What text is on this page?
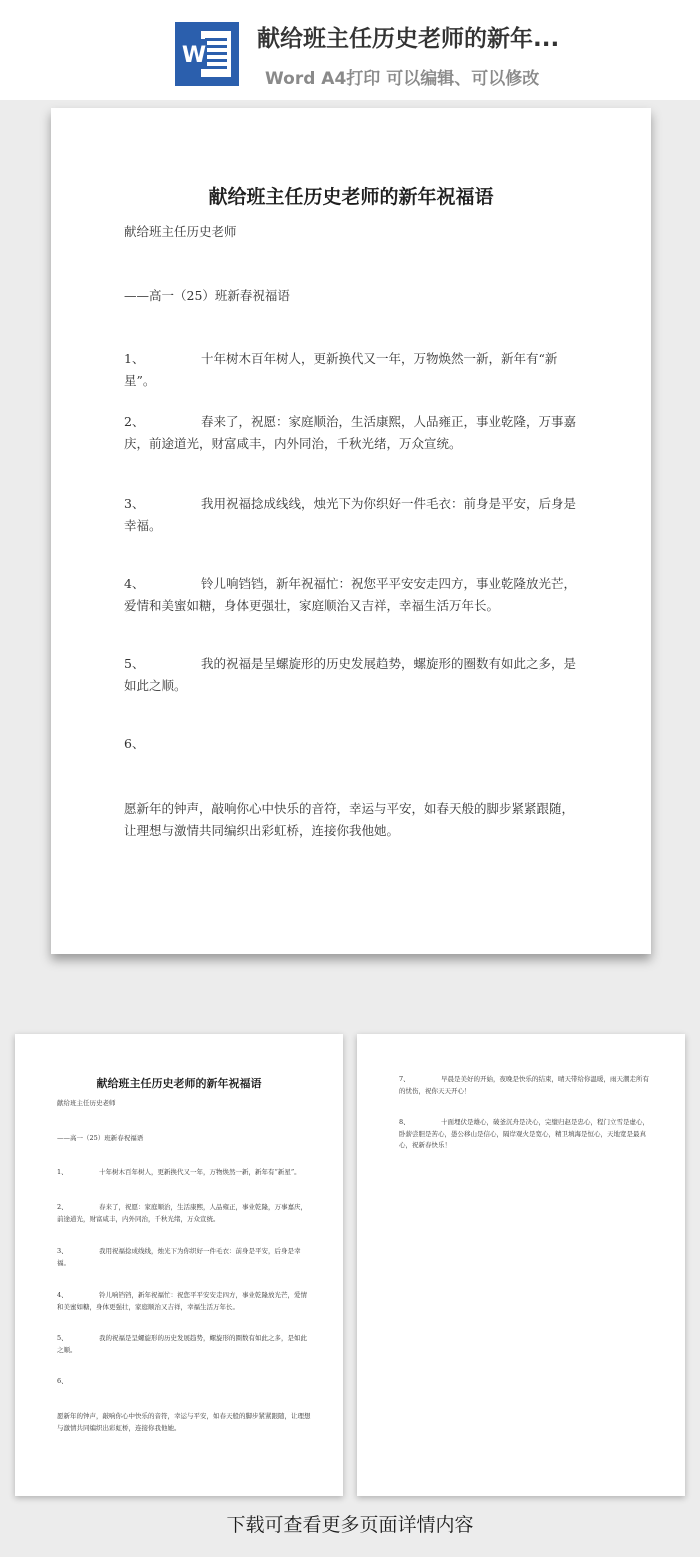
W
献给班主任历史老师的新年...
Word A4打印 可以编辑、可以修改
献给班主任历史老师的新年祝福语
献给班主任历史老师
——高一（25）班新春祝福语
1、	十年树木百年树人，更新换代又一年，万物焕然一新，新年有“新星”。
2、	春来了，祝愿：家庭顺治，生活康熙，人品雍正，事业乾隆，万事嘉庆，前途道光，财富咸丰，内外同治，千秋光绪，万众宣统。
3、	我用祝福捻成线线，烛光下为你织好一件毛衣：前身是平安，后身是幸福。
4、	铃儿响铛铛，新年祝福忙：祝您平平安安走四方，事业乾隆放光芒，爱情和美蜜如糖，身体更强壮，家庭顺治又吉祥，幸福生活万年长。
5、	我的祝福是呈螺旋形的历史发展趋势，螺旋形的圈数有如此之多，是如此之顺。
6、
愿新年的钟声，敲响你心中快乐的音符，幸运与平安，如春天般的脚步紧紧跟随，让理想与激情共同编织出彩虹桥，连接你我他她。
献给班主任历史老师的新年祝福语
献给班主任历史老师
——高一（25）班新春祝福语
1、	十年树木百年树人，更新换代又一年，万物焕然一新，新年有“新星”。
2、	春来了，祝愿：家庭顺治，生活康熙，人品雍正，事业乾隆，万事嘉庆，前途道光，财富咸丰，内外同治，千秋光绪，万众宣统。
3、	我用祝福捻成线线，烛光下为你织好一件毛衣：前身是平安，后身是幸福。
4、	铃儿响铛铛，新年祝福忙：祝您平平安安走四方，事业乾隆放光芒，爱情和美蜜如糖，身体更强壮，家庭顺治又吉祥，幸福生活万年长。
5、	我的祝福是呈螺旋形的历史发展趋势，螺旋形的圈数有如此之多，是如此之顺。
6、
愿新年的钟声，敲响你心中快乐的音符，幸运与平安，如春天般的脚步紧紧跟随，让理想与激情共同编织出彩虹桥，连接你我他她。
7、	早晨是美好的开始，夜晚是快乐的结束，晴天带给你温暖，雨天潮走所有的忧伤，祝你天天开心！
8、	十面埋伏是雄心，破釜沉舟是决心，完璧归赵是忠心，程门立雪是虚心，卧薪尝胆是苦心，愚公移山是信心，隔岸观火是宽心，精卫填海是恒心，天地宽是最真心，祝新春快乐！
下载可查看更多页面详情内容
